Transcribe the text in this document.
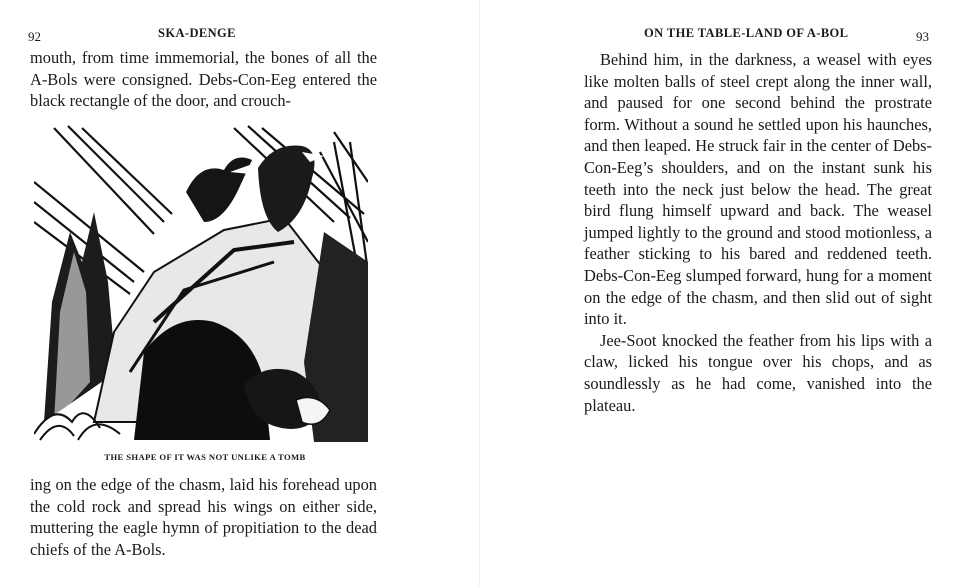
92	SKA-DENGE

mouth, from time immemorial, the bones of all the A-Bols were consigned. Debs-Con-Eeg entered the black rectangle of the door, and crouch-

THE SHAPE OF IT WAS NOT UNLIKE A TOMB

ing on the edge of the chasm, laid his forehead upon the cold rock and spread his wings on either side, muttering the eagle hymn of propitiation to the dead chiefs of the A-Bols.

ON THE TABLE-LAND OF A-BOL	93

Behind him, in the darkness, a weasel with eyes like molten balls of steel crept along the inner wall, and paused for one second behind the prostrate form. Without a sound he settled upon his haunches, and then leaped. He struck fair in the center of Debs-Con-Eeg’s shoulders, and on the instant sunk his teeth into the neck just below the head. The great bird flung himself upward and back. The weasel jumped lightly to the ground and stood motionless, a feather sticking to his bared and reddened teeth. Debs-Con-Eeg slumped forward, hung for a moment on the edge of the chasm, and then slid out of sight into it.

Jee-Soot knocked the feather from his lips with a claw, licked his tongue over his chops, and as soundlessly as he had come, vanished into the plateau.
